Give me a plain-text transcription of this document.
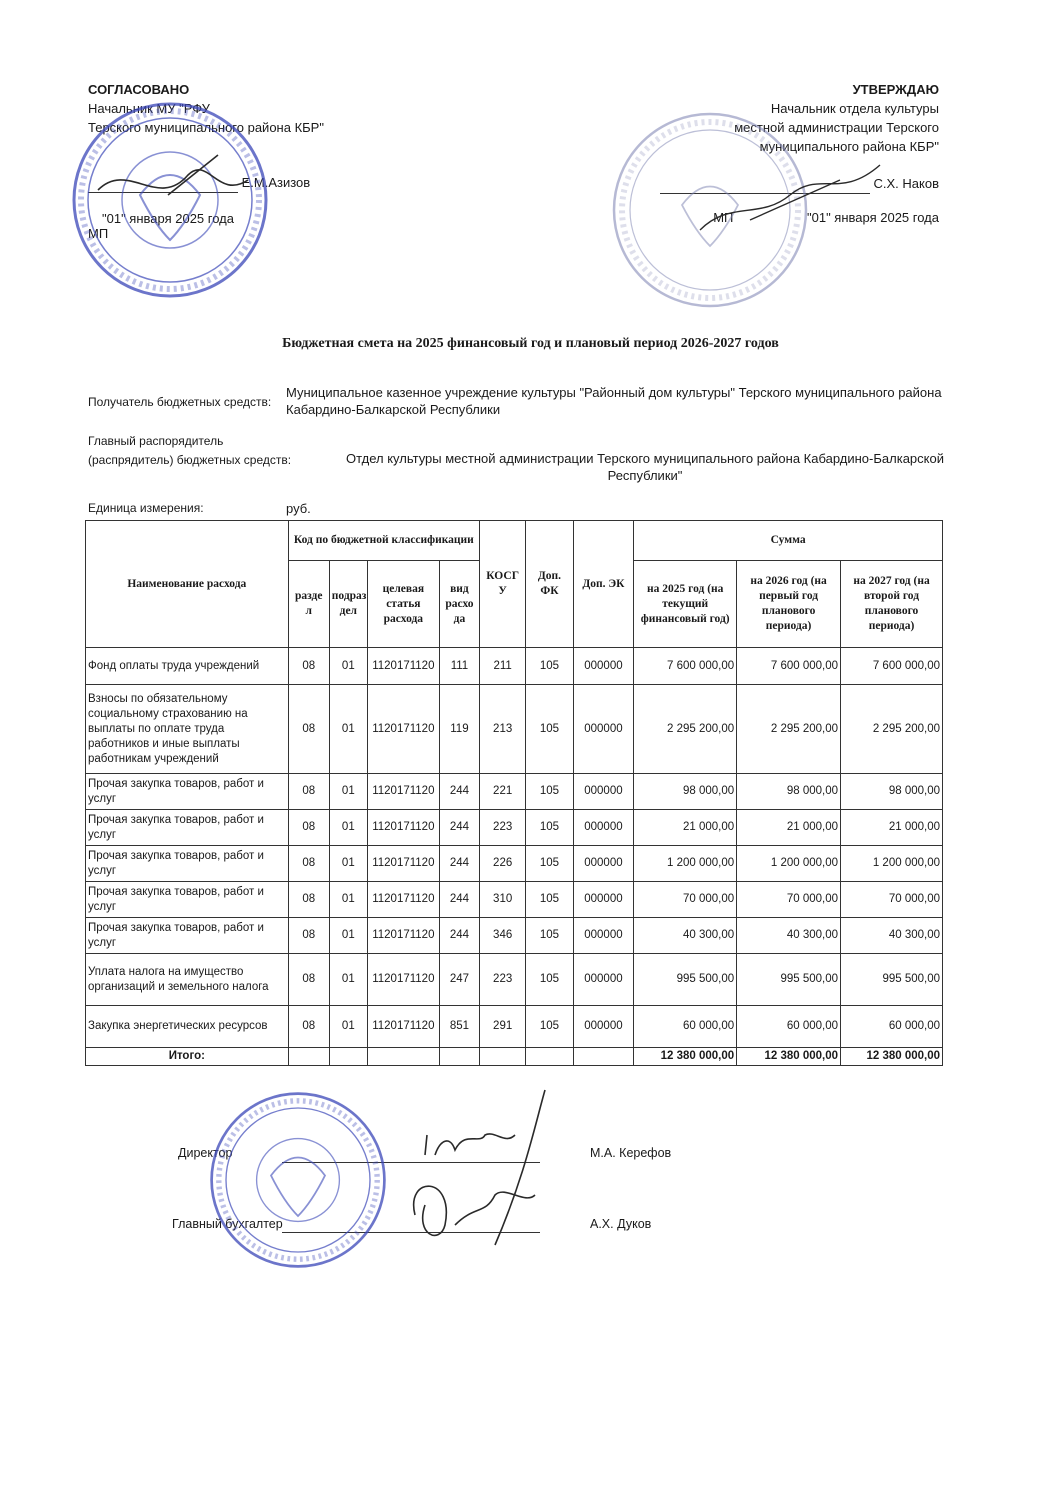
СОГЛАСОВАНО
Начальник МУ "РФУ
Терского муниципального района КБР"
Е.М.Азизов
"01" января 2025 года
МП
УТВЕРЖДАЮ
Начальник отдела культуры
местной администрации Терского
муниципального района КБР"
С.Х. Наков
МП	"01" января 2025 года
Бюджетная смета на 2025 финансовый год и плановый период 2026-2027 годов
Получатель бюджетных средств:
Муниципальное казенное учреждение культуры "Районный дом культуры" Терского муниципального района Кабардино-Балкарской Республики
Главный распорядитель
(распрядитель) бюджетных средств:	Отдел культуры местной администрации Терского муниципального района Кабардино-Балкарской Республики"
Единица измерения:	руб.
Наименование расхода	Код по бюджетной классификации				КОСГ У	Доп. ФК	Доп. ЭК	Сумма		
	разде л	подраз дел	целевая статья расхода	вид расхо да				на 2025 год (на текущий финансовый год)	на 2026 год (на первый год планового периода)	на 2027 год (на второй год планового периода)
Фонд оплаты труда учреждений	08	01	1120171120	111	211	105	000000	7 600 000,00	7 600 000,00	7 600 000,00
Взносы по обязательному социальному страхованию на выплаты по оплате труда работников и иные выплаты работникам учреждений	08	01	1120171120	119	213	105	000000	2 295 200,00	2 295 200,00	2 295 200,00
Прочая закупка товаров, работ и услуг	08	01	1120171120	244	221	105	000000	98 000,00	98 000,00	98 000,00
Прочая закупка товаров, работ и услуг	08	01	1120171120	244	223	105	000000	21 000,00	21 000,00	21 000,00
Прочая закупка товаров, работ и услуг	08	01	1120171120	244	226	105	000000	1 200 000,00	1 200 000,00	1 200 000,00
Прочая закупка товаров, работ и услуг	08	01	1120171120	244	310	105	000000	70 000,00	70 000,00	70 000,00
Прочая закупка товаров, работ и услуг	08	01	1120171120	244	346	105	000000	40 300,00	40 300,00	40 300,00
Уплата налога на имущество организаций и земельного налога	08	01	1120171120	247	223	105	000000	995 500,00	995 500,00	995 500,00
Закупка энергетических ресурсов	08	01	1120171120	851	291	105	000000	60 000,00	60 000,00	60 000,00
Итого:								12 380 000,00	12 380 000,00	12 380 000,00
Директор	М.А. Керефов
Главный бухгалтер	А.Х. Дуков
